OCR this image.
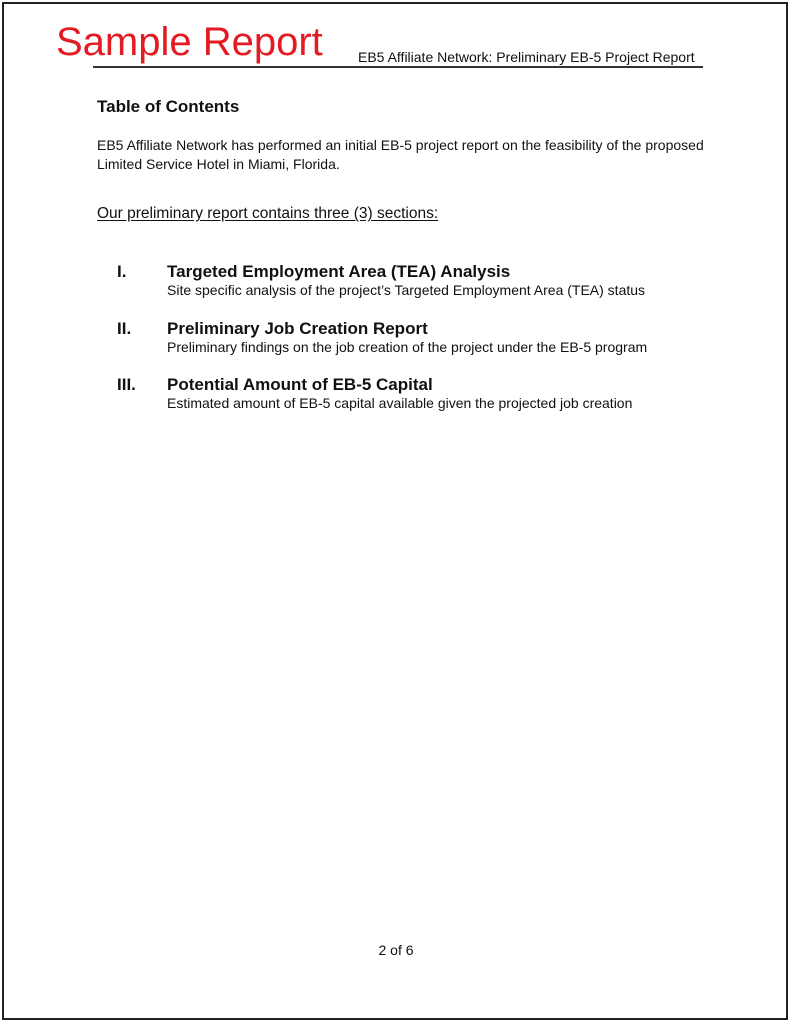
Sample Report	EB5 Affiliate Network: Preliminary EB-5 Project Report
Table of Contents

EB5 Affiliate Network has performed an initial EB-5 project report on the feasibility of the proposed Limited Service Hotel in Miami, Florida.

Our preliminary report contains three (3) sections:
I. Targeted Employment Area (TEA) Analysis
Site specific analysis of the project’s Targeted Employment Area (TEA) status
II. Preliminary Job Creation Report
Preliminary findings on the job creation of the project under the EB-5 program
III. Potential Amount of EB-5 Capital
Estimated amount of EB-5 capital available given the projected job creation
2 of 6
